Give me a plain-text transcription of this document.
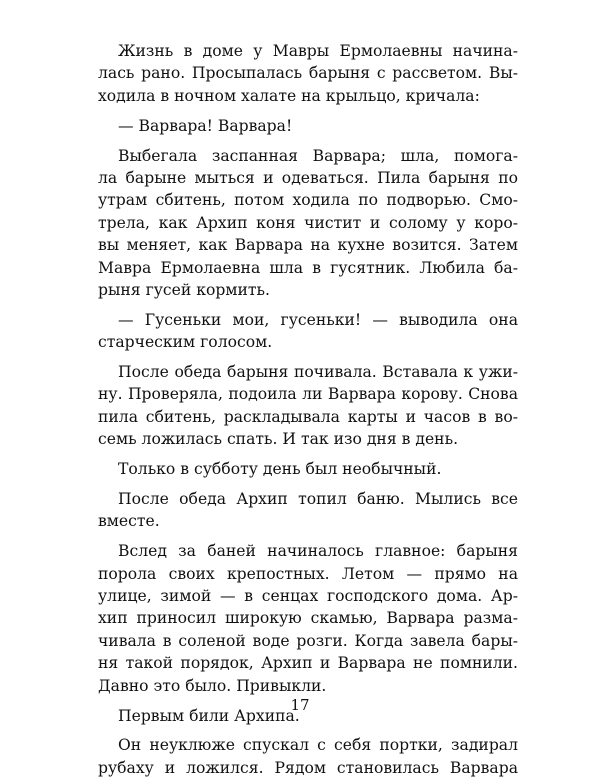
Жизнь в доме у Мавры Ермолаевны начина-
лась рано. Просыпалась барыня с рассветом. Вы-
ходила в ночном халате на крыльцо, кричала:
— Варвара! Варвара!
Выбегала заспанная Варвара; шла, помога-
ла барыне мыться и одеваться. Пила барыня по
утрам сбитень, потом ходила по подворью. Смо-
трела, как Архип коня чистит и солому у коро-
вы меняет, как Варвара на кухне возится. Затем
Мавра Ермолаевна шла в гусятник. Любила ба-
рыня гусей кормить.
— Гусеньки мои, гусеньки! — выводила она
старческим голосом.
После обеда барыня почивала. Вставала к ужи-
ну. Проверяла, подоила ли Варвара корову. Снова
пила сбитень, раскладывала карты и часов в во-
семь ложилась спать. И так изо дня в день.
Только в субботу день был необычный.
После обеда Архип топил баню. Мылись все
вместе.
Вслед за баней начиналось главное: барыня
порола своих крепостных. Летом — прямо на
улице, зимой — в сенцах господского дома. Ар-
хип приносил широкую скамью, Варвара разма-
чивала в соленой воде розги. Когда завела бары-
ня такой порядок, Архип и Варвара не помнили.
Давно это было. Привыкли.
Первым били Архипа.
Он неуклюже спускал с себя портки, задирал
рубаху и ложился. Рядом становилась Варвара
17
